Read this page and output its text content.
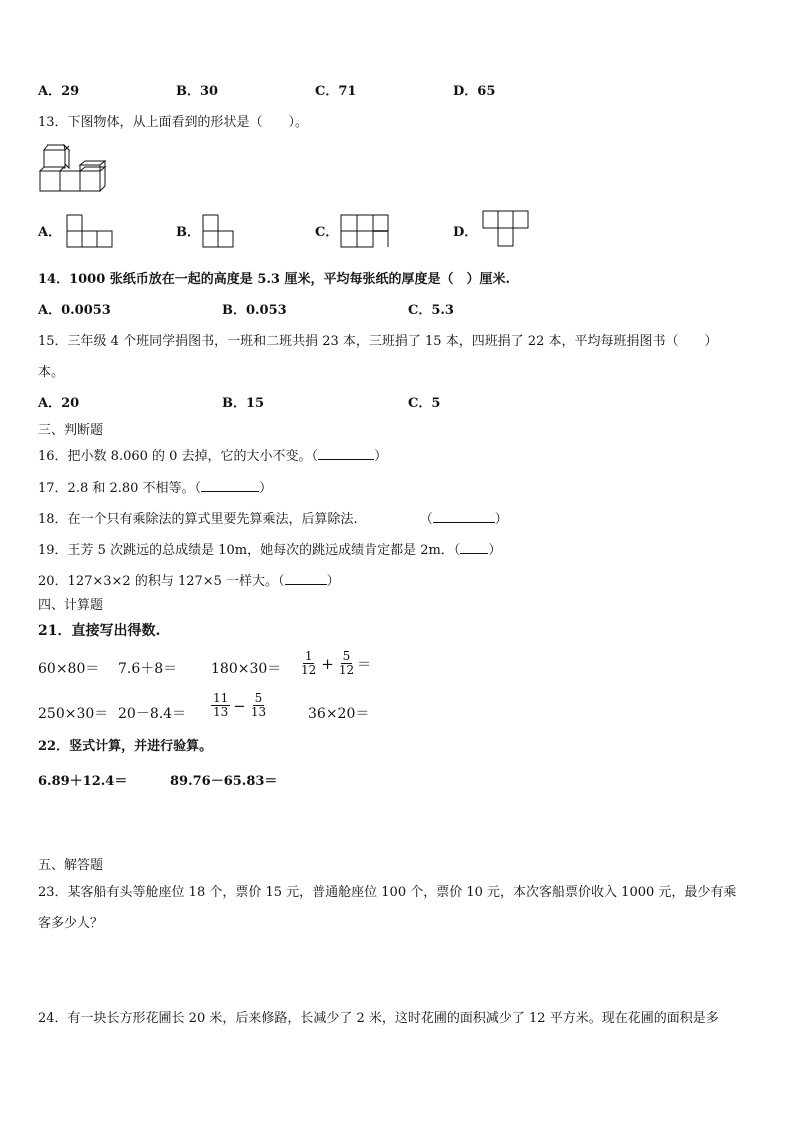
A．29	B．30	C．71	D．65
13．下图物体，从上面看到的形状是（　　）。
A．	B．	C．	D．
14．1000 张纸币放在一起的高度是 5.3 厘米，平均每张纸的厚度是（　）厘米.
A．0.0053	B．0.053	C．5.3
15．三年级 4 个班同学捐图书，一班和二班共捐 23 本，三班捐了 15 本，四班捐了 22 本，平均每班捐图书（　　）
本。
A．20	B．15	C．5
三、判断题
16．把小数 8.060 的 0 去掉，它的大小不变。（	）
17．2.8 和 2.80 不相等。（	）
18．在一个只有乘除法的算式里要先算乘法，后算除法.	（	）
19．王芳 5 次跳远的总成绩是 10m，她每次的跳远成绩肯定都是 2m．（ ）
20．127×3×2 的积与 127×5 一样大。（	）
四、计算题
21．直接写出得数.
$60\times 80= 7.6+8= 180\times 30= \frac{1}{12} + \frac{5}{12}$ ＝
$250\times 30= 20-8.4= \frac{11}{13} - \frac{5}{13}$	36×20＝
22．竖式计算，并进行验算。
6.89＋12.4＝	89.76－65.83＝
五、解答题
23．某客船有头等舱座位 18 个，票价 15 元，普通舱座位 100 个，票价 10 元，本次客船票价收入 1000 元，最少有乘
客多少人？
24．有一块长方形花圃长 20 米，后来修路，长减少了 2 米，这时花圃的面积减少了 12 平方米。现在花圃的面积是多
